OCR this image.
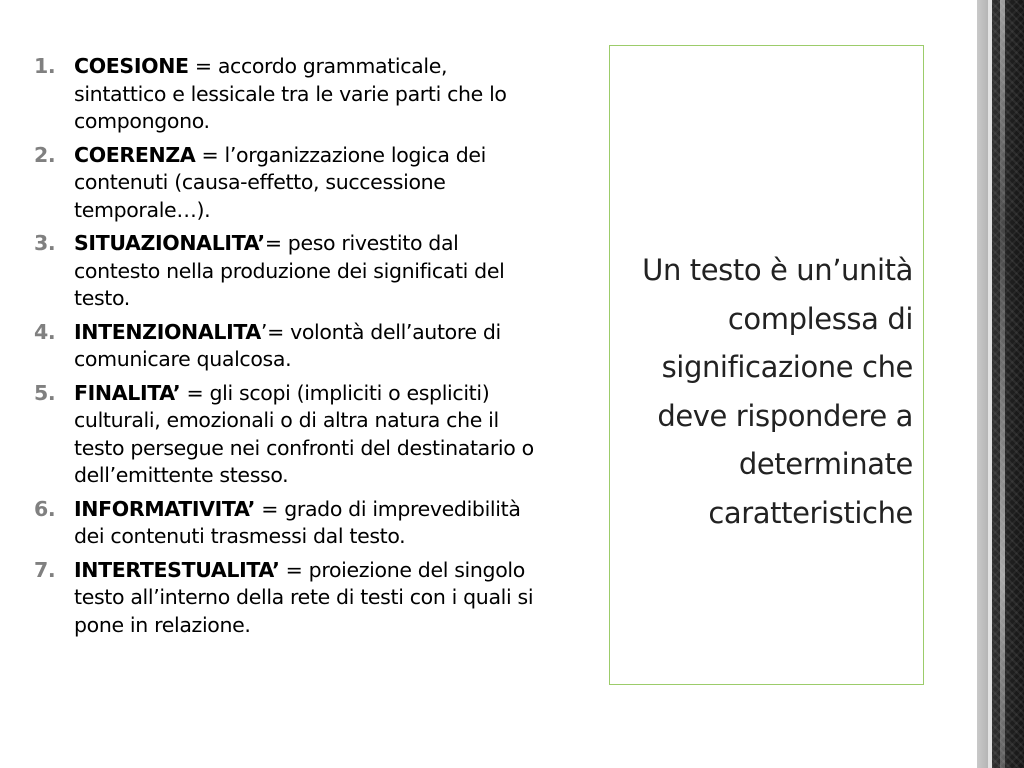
1. COESIONE = accordo grammaticale, sintattico e lessicale tra le varie parti che lo compongono.
2. COERENZA = l’organizzazione logica dei contenuti (causa-effetto, successione temporale…).
3. SITUAZIONALITA’= peso rivestito dal contesto nella produzione dei significati del testo.
4. INTENZIONALITA’= volontà dell’autore di comunicare qualcosa.
5. FINALITA’ = gli scopi (impliciti o espliciti) culturali, emozionali o di altra natura che il testo persegue nei confronti del destinatario o dell’emittente stesso.
6. INFORMATIVITA’ = grado di imprevedibilità dei contenuti trasmessi dal testo.
7. INTERTESTUALITA’ = proiezione del singolo testo all’interno della rete di testi con i quali si pone in relazione.
Un testo è un’unità complessa di significazione che deve rispondere a determinate caratteristiche
